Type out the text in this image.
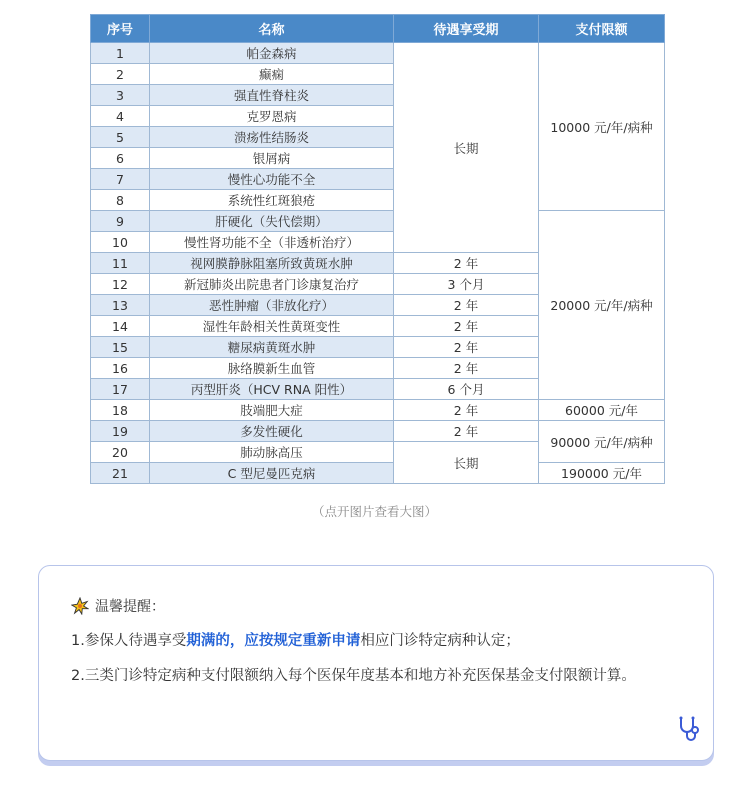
序号	名称	待遇享受期	支付限额
1	帕金森病	长期	10000 元/年/病种
2	癫痫		
3	强直性脊柱炎		
4	克罗恩病		
5	溃疡性结肠炎		
6	银屑病		
7	慢性心功能不全		
8	系统性红斑狼疮		
9	肝硬化（失代偿期）		20000 元/年/病种
10	慢性肾功能不全（非透析治疗）		
11	视网膜静脉阻塞所致黄斑水肿	2 年	
12	新冠肺炎出院患者门诊康复治疗	3 个月	
13	恶性肿瘤（非放化疗）	2 年	
14	湿性年龄相关性黄斑变性	2 年	
15	糖尿病黄斑水肿	2 年	
16	脉络膜新生血管	2 年	
17	丙型肝炎（HCV RNA 阳性）	6 个月	
18	肢端肥大症	2 年	60000 元/年
19	多发性硬化	2 年	90000 元/年/病种
20	肺动脉高压	长期	
21	C 型尼曼匹克病		190000 元/年
（点开图片查看大图）
温馨提醒：
1.参保人待遇享受期满的，应按规定重新申请相应门诊特定病种认定；
2.三类门诊特定病种支付限额纳入每个医保年度基本和地方补充医保基金支付限额计算。
